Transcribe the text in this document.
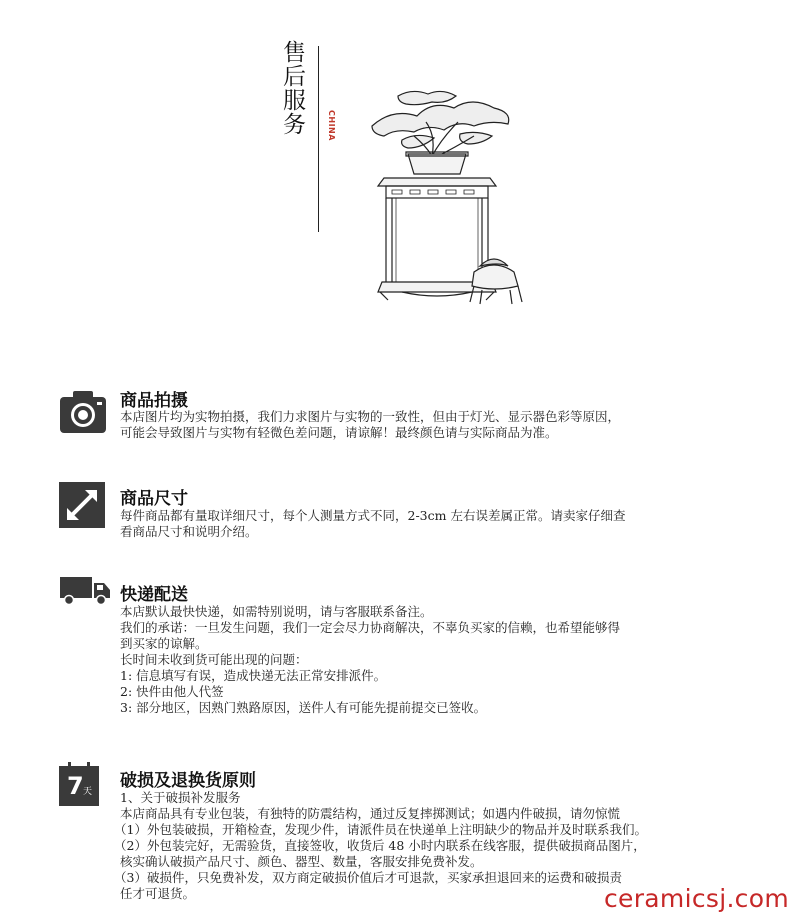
售后服务	CHINA
商品拍摄

本店图片均为实物拍摄，我们力求图片与实物的一致性，但由于灯光、显示器色彩等原因，

可能会导致图片与实物有轻微色差问题，请谅解！最终颜色请与实际商品为准。

商品尺寸

每件商品都有量取详细尺寸，每个人测量方式不同，2-3cm 左右误差属正常。请卖家仔细查

看商品尺寸和说明介绍。

快递配送

本店默认最快快递，如需特别说明，请与客服联系备注。

我们的承诺：一旦发生问题，我们一定会尽力协商解决，不辜负买家的信赖，也希望能够得

到买家的谅解。

长时间未收到货可能出现的问题：

1: 信息填写有误，造成快递无法正常安排派件。

2: 快件由他人代签

3: 部分地区，因熟门熟路原因，送件人有可能先提前提交已签收。

7 天
破损及退换货原则

1、关于破损补发服务

本店商品具有专业包装，有独特的防震结构，通过反复摔掷测试；如遇内件破损，请勿惊慌

（1）外包装破损，开箱检查，发现少件，请派件员在快递单上注明缺少的物品并及时联系我们。

（2）外包装完好，无需验货，直接签收，收货后 48 小时内联系在线客服，提供破损商品图片，

核实确认破损产品尺寸、颜色、器型、数量，客服安排免费补发。

（3）破损件，只免费补发，双方商定破损价值后才可退款，买家承担退回来的运费和破损责

任才可退货。	ceramicsj.com
